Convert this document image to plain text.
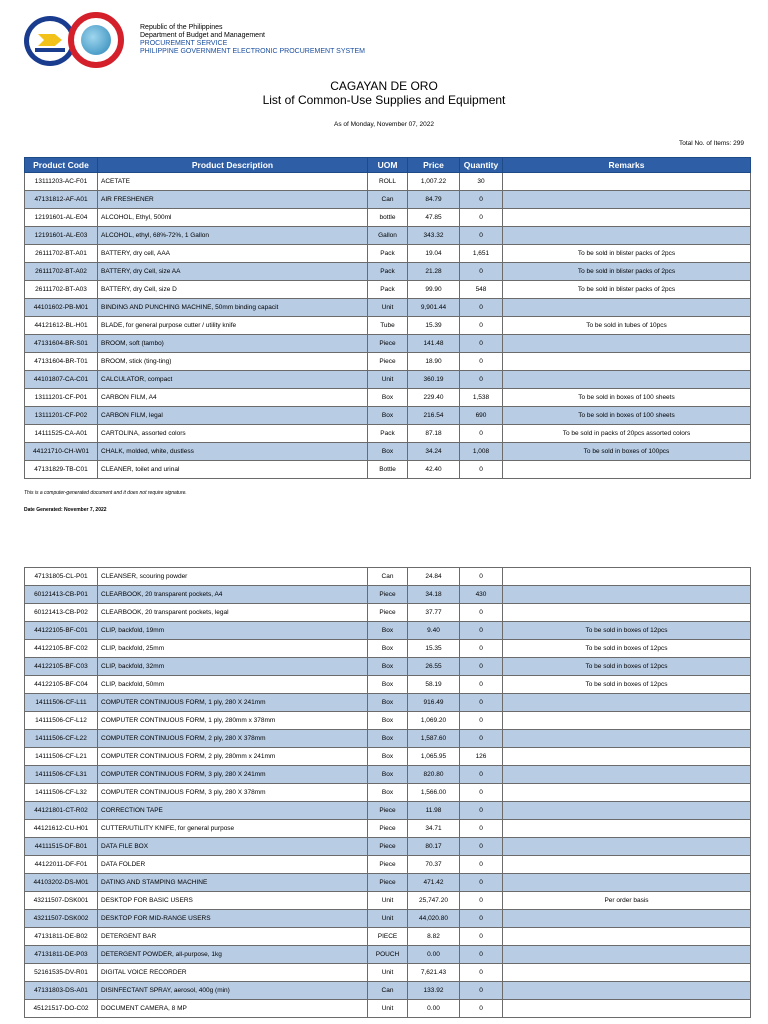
Republic of the Philippines
Department of Budget and Management
PROCUREMENT SERVICE
PHILIPPINE GOVERNMENT ELECTRONIC PROCUREMENT SYSTEM
CAGAYAN DE ORO
List of Common-Use Supplies and Equipment
As of Monday, November 07, 2022
Total No. of Items: 299
Product Code	Product Description	UOM	Price	Quantity	Remarks
13111203-AC-F01	ACETATE	ROLL	1,007.22	30	
47131812-AF-A01	AIR FRESHENER	Can	84.79	0	
12191601-AL-E04	ALCOHOL, Ethyl, 500ml	bottle	47.85	0	
12191601-AL-E03	ALCOHOL, ethyl, 68%-72%, 1 Gallon	Gallon	343.32	0	
26111702-BT-A01	BATTERY, dry cell, AAA	Pack	19.04	1,651	To be sold in blister packs of 2pcs
26111702-BT-A02	BATTERY, dry Cell, size AA	Pack	21.28	0	To be sold in blister packs of 2pcs
26111702-BT-A03	BATTERY, dry Cell, size D	Pack	99.90	548	To be sold in blister packs of 2pcs
44101602-PB-M01	BINDING AND PUNCHING MACHINE, 50mm binding capacit	Unit	9,901.44	0	
44121612-BL-H01	BLADE, for general purpose cutter / utility knife	Tube	15.39	0	To be sold in tubes of 10pcs
47131604-BR-S01	BROOM, soft (tambo)	Piece	141.48	0	
47131604-BR-T01	BROOM, stick (ting-ting)	Piece	18.90	0	
44101807-CA-C01	CALCULATOR, compact	Unit	360.19	0	
13111201-CF-P01	CARBON FILM, A4	Box	229.40	1,538	To be sold in boxes of 100 sheets
13111201-CF-P02	CARBON FILM, legal	Box	216.54	690	To be sold in boxes of 100 sheets
14111525-CA-A01	CARTOLINA, assorted colors	Pack	87.18	0	To be sold in packs of 20pcs assorted colors
44121710-CH-W01	CHALK, molded, white, dustless	Box	34.24	1,008	To be sold in boxes of 100pcs
47131829-TB-C01	CLEANER, toilet and urinal	Bottle	42.40	0	
This is a computer-generated document and it does not require signature.
Date Generated: November 7, 2022
47131805-CL-P01	CLEANSER, scouring powder	Can	24.84	0	
60121413-CB-P01	CLEARBOOK, 20 transparent pockets, A4	Piece	34.18	430	
60121413-CB-P02	CLEARBOOK, 20 transparent pockets, legal	Piece	37.77	0	
44122105-BF-C01	CLIP, backfold, 19mm	Box	9.40	0	To be sold in boxes of 12pcs
44122105-BF-C02	CLIP, backfold, 25mm	Box	15.35	0	To be sold in boxes of 12pcs
44122105-BF-C03	CLIP, backfold, 32mm	Box	26.55	0	To be sold in boxes of 12pcs
44122105-BF-C04	CLIP, backfold, 50mm	Box	58.19	0	To be sold in boxes of 12pcs
14111506-CF-L11	COMPUTER CONTINUOUS FORM, 1 ply, 280 X 241mm	Box	916.49	0	
14111506-CF-L12	COMPUTER CONTINUOUS FORM, 1 ply, 280mm x 378mm	Box	1,069.20	0	
14111506-CF-L22	COMPUTER CONTINUOUS FORM, 2 ply, 280 X 378mm	Box	1,587.60	0	
14111506-CF-L21	COMPUTER CONTINUOUS FORM, 2 ply, 280mm x 241mm	Box	1,065.95	126	
14111506-CF-L31	COMPUTER CONTINUOUS FORM, 3 ply, 280 X 241mm	Box	820.80	0	
14111506-CF-L32	COMPUTER CONTINUOUS FORM, 3 ply, 280 X 378mm	Box	1,566.00	0	
44121801-CT-R02	CORRECTION TAPE	Piece	11.98	0	
44121612-CU-H01	CUTTER/UTILITY KNIFE, for general purpose	Piece	34.71	0	
44111515-DF-B01	DATA FILE BOX	Piece	80.17	0	
44122011-DF-F01	DATA FOLDER	Piece	70.37	0	
44103202-DS-M01	DATING AND STAMPING MACHINE	Piece	471.42	0	
43211507-DSK001	DESKTOP FOR BASIC USERS	Unit	25,747.20	0	Per order basis
43211507-DSK002	DESKTOP FOR MID-RANGE USERS	Unit	44,020.80	0	
47131811-DE-B02	DETERGENT BAR	PIECE	8.82	0	
47131811-DE-P03	DETERGENT POWDER, all-purpose, 1kg	POUCH	0.00	0	
52161535-DV-R01	DIGITAL VOICE RECORDER	Unit	7,621.43	0	
47131803-DS-A01	DISINFECTANT SPRAY, aerosol, 400g (min)	Can	133.92	0	
45121517-DO-C02	DOCUMENT CAMERA, 8 MP	Unit	0.00	0	
